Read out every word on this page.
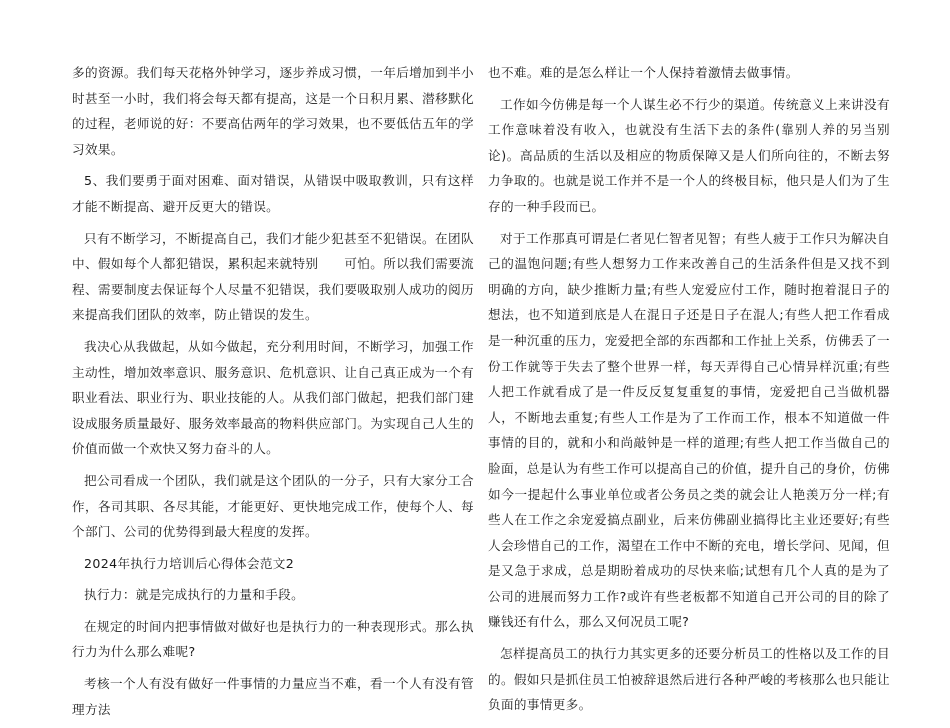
多的资源。我们每天花格外钟学习，逐步养成习惯，一年后增加到半小时甚至一小时，我们将会每天都有提高，这是一个日积月累、潜移默化的过程，老师说的好：不要高估两年的学习效果，也不要低估五年的学习效果。

5、我们要勇于面对困难、面对错误，从错误中吸取教训，只有这样才能不断提高、避开反更大的错误。

只有不断学习，不断提高自己，我们才能少犯甚至不犯错误。在团队中、假如每个人都犯错误，累积起来就特别　　可怕。所以我们需要流程、需要制度去保证每个人尽量不犯错误，我们要吸取别人成功的阅历来提高我们团队的效率，防止错误的发生。

我决心从我做起，从如今做起，充分利用时间，不断学习，加强工作主动性，增加效率意识、服务意识、危机意识、让自己真正成为一个有职业看法、职业行为、职业技能的人。从我们部门做起，把我们部门建设成服务质量最好、服务效率最高的物料供应部门。为实现自己人生的价值而做一个欢快又努力奋斗的人。

把公司看成一个团队，我们就是这个团队的一分子，只有大家分工合作，各司其职、各尽其能，才能更好、更快地完成工作，使每个人、每个部门、公司的优势得到最大程度的发挥。

2024年执行力培训后心得体会范文2

执行力：就是完成执行的力量和手段。

在规定的时间内把事情做对做好也是执行力的一种表现形式。那么执行力为什么那么难呢?

考核一个人有没有做好一件事情的力量应当不难，看一个人有没有管理方法

也不难。难的是怎么样让一个人保持着激情去做事情。

工作如今仿佛是每一个人谋生必不行少的渠道。传统意义上来讲没有工作意味着没有收入，也就没有生活下去的条件(靠别人养的另当别论)。高品质的生活以及相应的物质保障又是人们所向往的，不断去努力争取的。也就是说工作并不是一个人的终极目标，他只是人们为了生存的一种手段而已。

对于工作那真可谓是仁者见仁智者见智；有些人疲于工作只为解决自己的温饱问题;有些人想努力工作来改善自己的生活条件但是又找不到明确的方向，缺少推断力量;有些人宠爱应付工作，随时抱着混日子的想法，也不知道到底是人在混日子还是日子在混人;有些人把工作看成是一种沉重的压力，宠爱把全部的东西都和工作扯上关系，仿佛丢了一份工作就等于失去了整个世界一样，每天弄得自己心情异样沉重;有些人把工作就看成了是一件反反复复重复的事情，宠爱把自己当做机器人，不断地去重复;有些人工作是为了工作而工作，根本不知道做一件事情的目的，就和小和尚敲钟是一样的道理;有些人把工作当做自己的脸面，总是认为有些工作可以提高自己的价值，提升自己的身价，仿佛如今一提起什么事业单位或者公务员之类的就会让人艳羡万分一样;有些人在工作之余宠爱搞点副业，后来仿佛副业搞得比主业还要好;有些人会珍惜自己的工作，渴望在工作中不断的充电，增长学问、见闻，但是又急于求成，总是期盼着成功的尽快来临;试想有几个人真的是为了公司的进展而努力工作?或许有些老板都不知道自己开公司的目的除了赚钱还有什么，那么又何况员工呢?

怎样提高员工的执行力其实更多的还要分析员工的性格以及工作的目的。假如只是抓住员工怕被辞退然后进行各种严峻的考核那么也只能让负面的事情更多。
